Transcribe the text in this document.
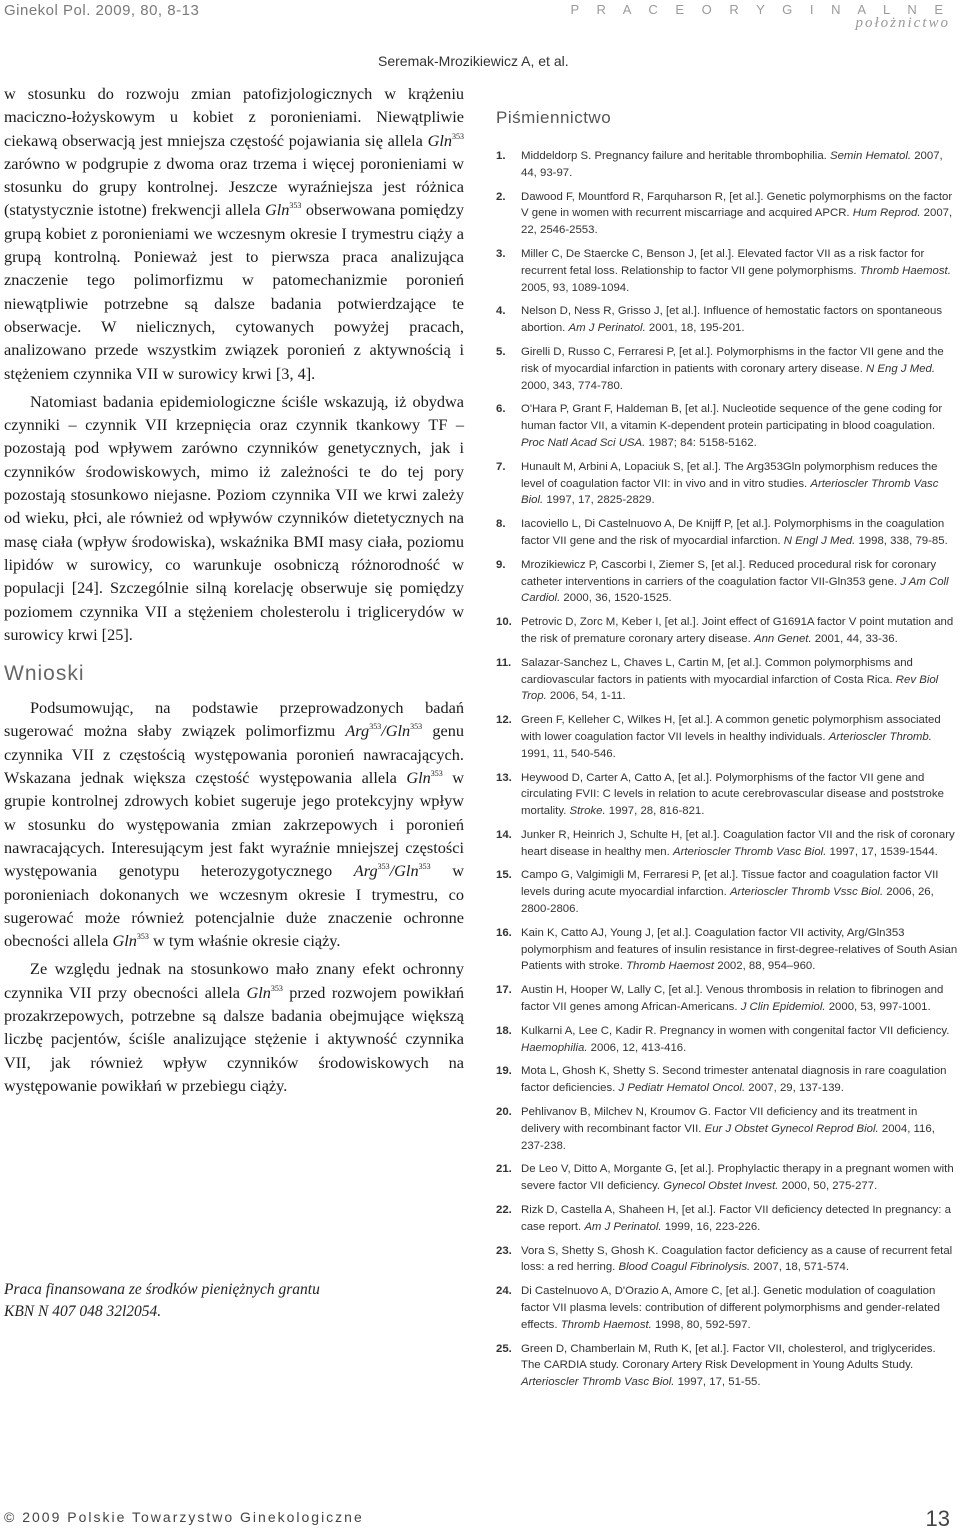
Ginekol Pol. 2009, 80, 8-13	P R A C E O R Y G I N A L N E
położnictwo
Seremak-Mrozikiewicz A, et al.

w stosunku do rozwoju zmian patofizjologicznych w krążeniu maciczno-łożyskowym u kobiet z poronieniami. Niewątpliwie ciekawą obserwacją jest mniejsza częstość pojawiania się allela Gln$^{353}$ zarówno w podgrupie z dwoma oraz trzema i więcej poronieniami w stosunku do grupy kontrolnej. Jeszcze wyraźniejsza jest różnica (statystycznie istotne) frekwencji allela Gln$^{353}$ obserwowana pomiędzy grupą kobiet z poronieniami we wczesnym okresie I trymestru ciąży a grupą kontrolną. Ponieważ jest to pierwsza praca analizująca znaczenie tego polimorfizmu w patomechanizmie poronień niewątpliwie potrzebne są dalsze badania potwierdzające te obserwacje. W nielicznych, cytowanych powyżej pracach, analizowano przede wszystkim związek poronień z aktywnością i stężeniem czynnika VII w surowicy krwi [3, 4].

Natomiast badania epidemiologiczne ściśle wskazują, iż obydwa czynniki – czynnik VII krzepnięcia oraz czynnik tkankowy TF – pozostają pod wpływem zarówno czynników genetycznych, jak i czynników środowiskowych, mimo iż zależności te do tej pory pozostają stosunkowo niejasne. Poziom czynnika VII we krwi zależy od wieku, płci, ale również od wpływów czynników dietetycznych na masę ciała (wpływ środowiska), wskaźnika BMI masy ciała, poziomu lipidów w surowicy, co warunkuje osobniczą różnorodność w populacji [24]. Szczególnie silną korelację obserwuje się pomiędzy poziomem czynnika VII a stężeniem cholesterolu i triglicerydów w surowicy krwi [25].

Wnioski

Podsumowując, na podstawie przeprowadzonych badań sugerować można słaby związek polimorfizmu Arg$^{353}$/Gln$^{353}$ genu czynnika VII z częstością występowania poronień nawracających. Wskazana jednak większa częstość występowania allela Gln$^{353}$ w grupie kontrolnej zdrowych kobiet sugeruje jego protekcyjny wpływ w stosunku do występowania zmian zakrzepowych i poronień nawracających. Interesującym jest fakt wyraźnie mniejszej częstości występowania genotypu heterozygotycznego Arg$^{353}$/Gln$^{353}$ w poronieniach dokonanych we wczesnym okresie I trymestru, co sugerować może również potencjalnie duże znaczenie ochronne obecności allela Gln$^{353}$ w tym właśnie okresie ciąży.

Ze względu jednak na stosunkowo mało znany efekt ochronny czynnika VII przy obecności allela Gln$^{353}$ przed rozwojem powikłań prozakrzepowych, potrzebne są dalsze badania obejmujące większą liczbę pacjentów, ściśle analizujące stężenie i aktywność czynnika VII, jak również wpływ czynników środowiskowych na występowanie powikłań w przebiegu ciąży.

Piśmiennictwo
1. Middeldorp S. Pregnancy failure and heritable thrombophilia. Semin Hematol. 2007, 44, 93-97.
2. Dawood F, Mountford R, Farquharson R, [et al.]. Genetic polymorphisms on the factor V gene in women with recurrent miscarriage and acquired APCR. Hum Reprod. 2007, 22, 2546-2553.
3. Miller C, De Staercke C, Benson J, [et al.]. Elevated factor VII as a risk factor for recurrent fetal loss. Relationship to factor VII gene polymorphisms. Thromb Haemost. 2005, 93, 1089-1094.
4. Nelson D, Ness R, Grisso J, [et al.]. Influence of hemostatic factors on spontaneous abortion. Am J Perinatol. 2001, 18, 195-201.
5. Girelli D, Russo C, Ferraresi P, [et al.]. Polymorphisms in the factor VII gene and the risk of myocardial infarction in patients with coronary artery disease. N Eng J Med. 2000, 343, 774-780.
6. O'Hara P, Grant F, Haldeman B, [et al.]. Nucleotide sequence of the gene coding for human factor VII, a vitamin K-dependent protein participating in blood coagulation. Proc Natl Acad Sci USA. 1987; 84: 5158-5162.
7. Hunault M, Arbini A, Lopaciuk S, [et al.]. The Arg353Gln polymorphism reduces the level of coagulation factor VII: in vivo and in vitro studies. Arterioscler Thromb Vasc Biol. 1997, 17, 2825-2829.
8. Iacoviello L, Di Castelnuovo A, De Knijff P, [et al.]. Polymorphisms in the coagulation factor VII gene and the risk of myocardial infarction. N Engl J Med. 1998, 338, 79-85.
9. Mrozikiewicz P, Cascorbi I, Ziemer S, [et al.]. Reduced procedural risk for coronary catheter interventions in carriers of the coagulation factor VII-Gln353 gene. J Am Coll Cardiol. 2000, 36, 1520-1525.
10. Petrovic D, Zorc M, Keber I, [et al.]. Joint effect of G1691A factor V point mutation and the risk of premature coronary artery disease. Ann Genet. 2001, 44, 33-36.
11. Salazar-Sanchez L, Chaves L, Cartin M, [et al.]. Common polymorphisms and cardiovascular factors in patients with myocardial infarction of Costa Rica. Rev Biol Trop. 2006, 54, 1-11.
12. Green F, Kelleher C, Wilkes H, [et al.]. A common genetic polymorphism associated with lower coagulation factor VII levels in healthy individuals. Arterioscler Thromb. 1991, 11, 540-546.
13. Heywood D, Carter A, Catto A, [et al.]. Polymorphisms of the factor VII gene and circulating FVII: C levels in relation to acute cerebrovascular disease and poststroke mortality. Stroke. 1997, 28, 816-821.
14. Junker R, Heinrich J, Schulte H, [et al.]. Coagulation factor VII and the risk of coronary heart disease in healthy men. Arterioscler Thromb Vasc Biol. 1997, 17, 1539-1544.
15. Campo G, Valgimigli M, Ferraresi P, [et al.]. Tissue factor and coagulation factor VII levels during acute myocardial infarction. Arterioscler Thromb Vssc Biol. 2006, 26, 2800-2806.
16. Kain K, Catto AJ, Young J, [et al.]. Coagulation factor VII activity, Arg/Gln353 polymorphism and features of insulin resistance in first-degree-relatives of South Asian Patients with stroke. Thromb Haemost 2002, 88, 954–960.
17. Austin H, Hooper W, Lally C, [et al.]. Venous thrombosis in relation to fibrinogen and factor VII genes among African-Americans. J Clin Epidemiol. 2000, 53, 997-1001.
18. Kulkarni A, Lee C, Kadir R. Pregnancy in women with congenital factor VII deficiency. Haemophilia. 2006, 12, 413-416.
19. Mota L, Ghosh K, Shetty S. Second trimester antenatal diagnosis in rare coagulation factor deficiencies. J Pediatr Hematol Oncol. 2007, 29, 137-139.
20. Pehlivanov B, Milchev N, Kroumov G. Factor VII deficiency and its treatment in delivery with recombinant factor VII. Eur J Obstet Gynecol Reprod Biol. 2004, 116, 237-238.
21. De Leo V, Ditto A, Morgante G, [et al.]. Prophylactic therapy in a pregnant women with severe factor VII deficiency. Gynecol Obstet Invest. 2000, 50, 275-277.
22. Rizk D, Castella A, Shaheen H, [et al.]. Factor VII deficiency detected In pregnancy: a case report. Am J Perinatol. 1999, 16, 223-226.
23. Vora S, Shetty S, Ghosh K. Coagulation factor deficiency as a cause of recurrent fetal loss: a red herring. Blood Coagul Fibrinolysis. 2007, 18, 571-574.
24. Di Castelnuovo A, D'Orazio A, Amore C, [et al.]. Genetic modulation of coagulation factor VII plasma levels: contribution of different polymorphisms and gender-related effects. Thromb Haemost. 1998, 80, 592-597.
25. Green D, Chamberlain M, Ruth K, [et al.]. Factor VII, cholesterol, and triglycerides. The CARDIA study. Coronary Artery Risk Development in Young Adults Study. Arterioscler Thromb Vasc Biol. 1997, 17, 51-55.
Praca finansowana ze środków pieniężnych grantu
KBN N 407 048 32l2054.
© 2009 Polskie Towarzystwo Ginekologiczne	13
